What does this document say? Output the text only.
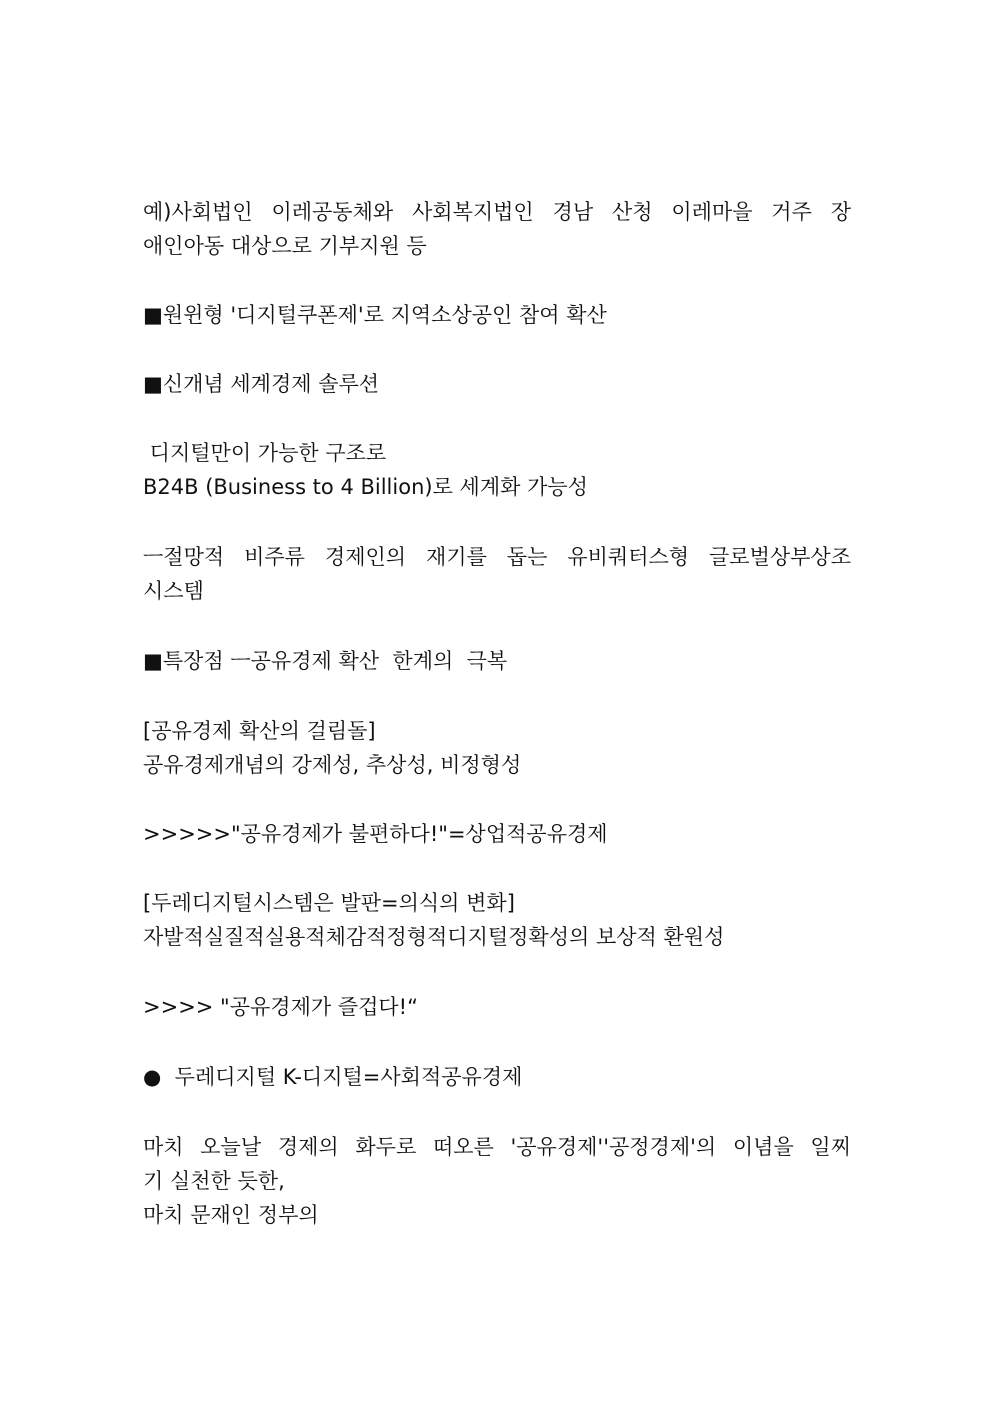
예)사회법인 이레공동체와 사회복지법인 경남 산청 이레마을 거주 장
애인아동 대상으로 기부지원 등
■원윈형 '디지털쿠폰제'로 지역소상공인 참여 확산
■신개념 세계경제 솔루션
디지털만이 가능한 구조로
B24B (Business to 4 Billion)로 세계화 가능성
ㅡ절망적 비주류 경제인의 재기를 돕는 유비쿼터스형 글로벌상부상조
시스템
■특장점 ㅡ공유경제 확산  한계의  극복
[공유경제 확산의 걸림돌]
공유경제개념의 강제성, 추상성, 비정형성
>>>>>"공유경제가 불편하다!"=상업적공유경제
[두레디지털시스템은 발판=의식의 변화]
자발적실질적실용적체감적정형적디지털정확성의 보상적 환원성
>>>> "공유경제가 즐겁다!“
●  두레디지털 K-디지털=사회적공유경제
마치 오늘날 경제의 화두로 떠오른 '공유경제''공정경제'의 이념을 일찌
기 실천한 듯한,
마치 문재인 정부의
